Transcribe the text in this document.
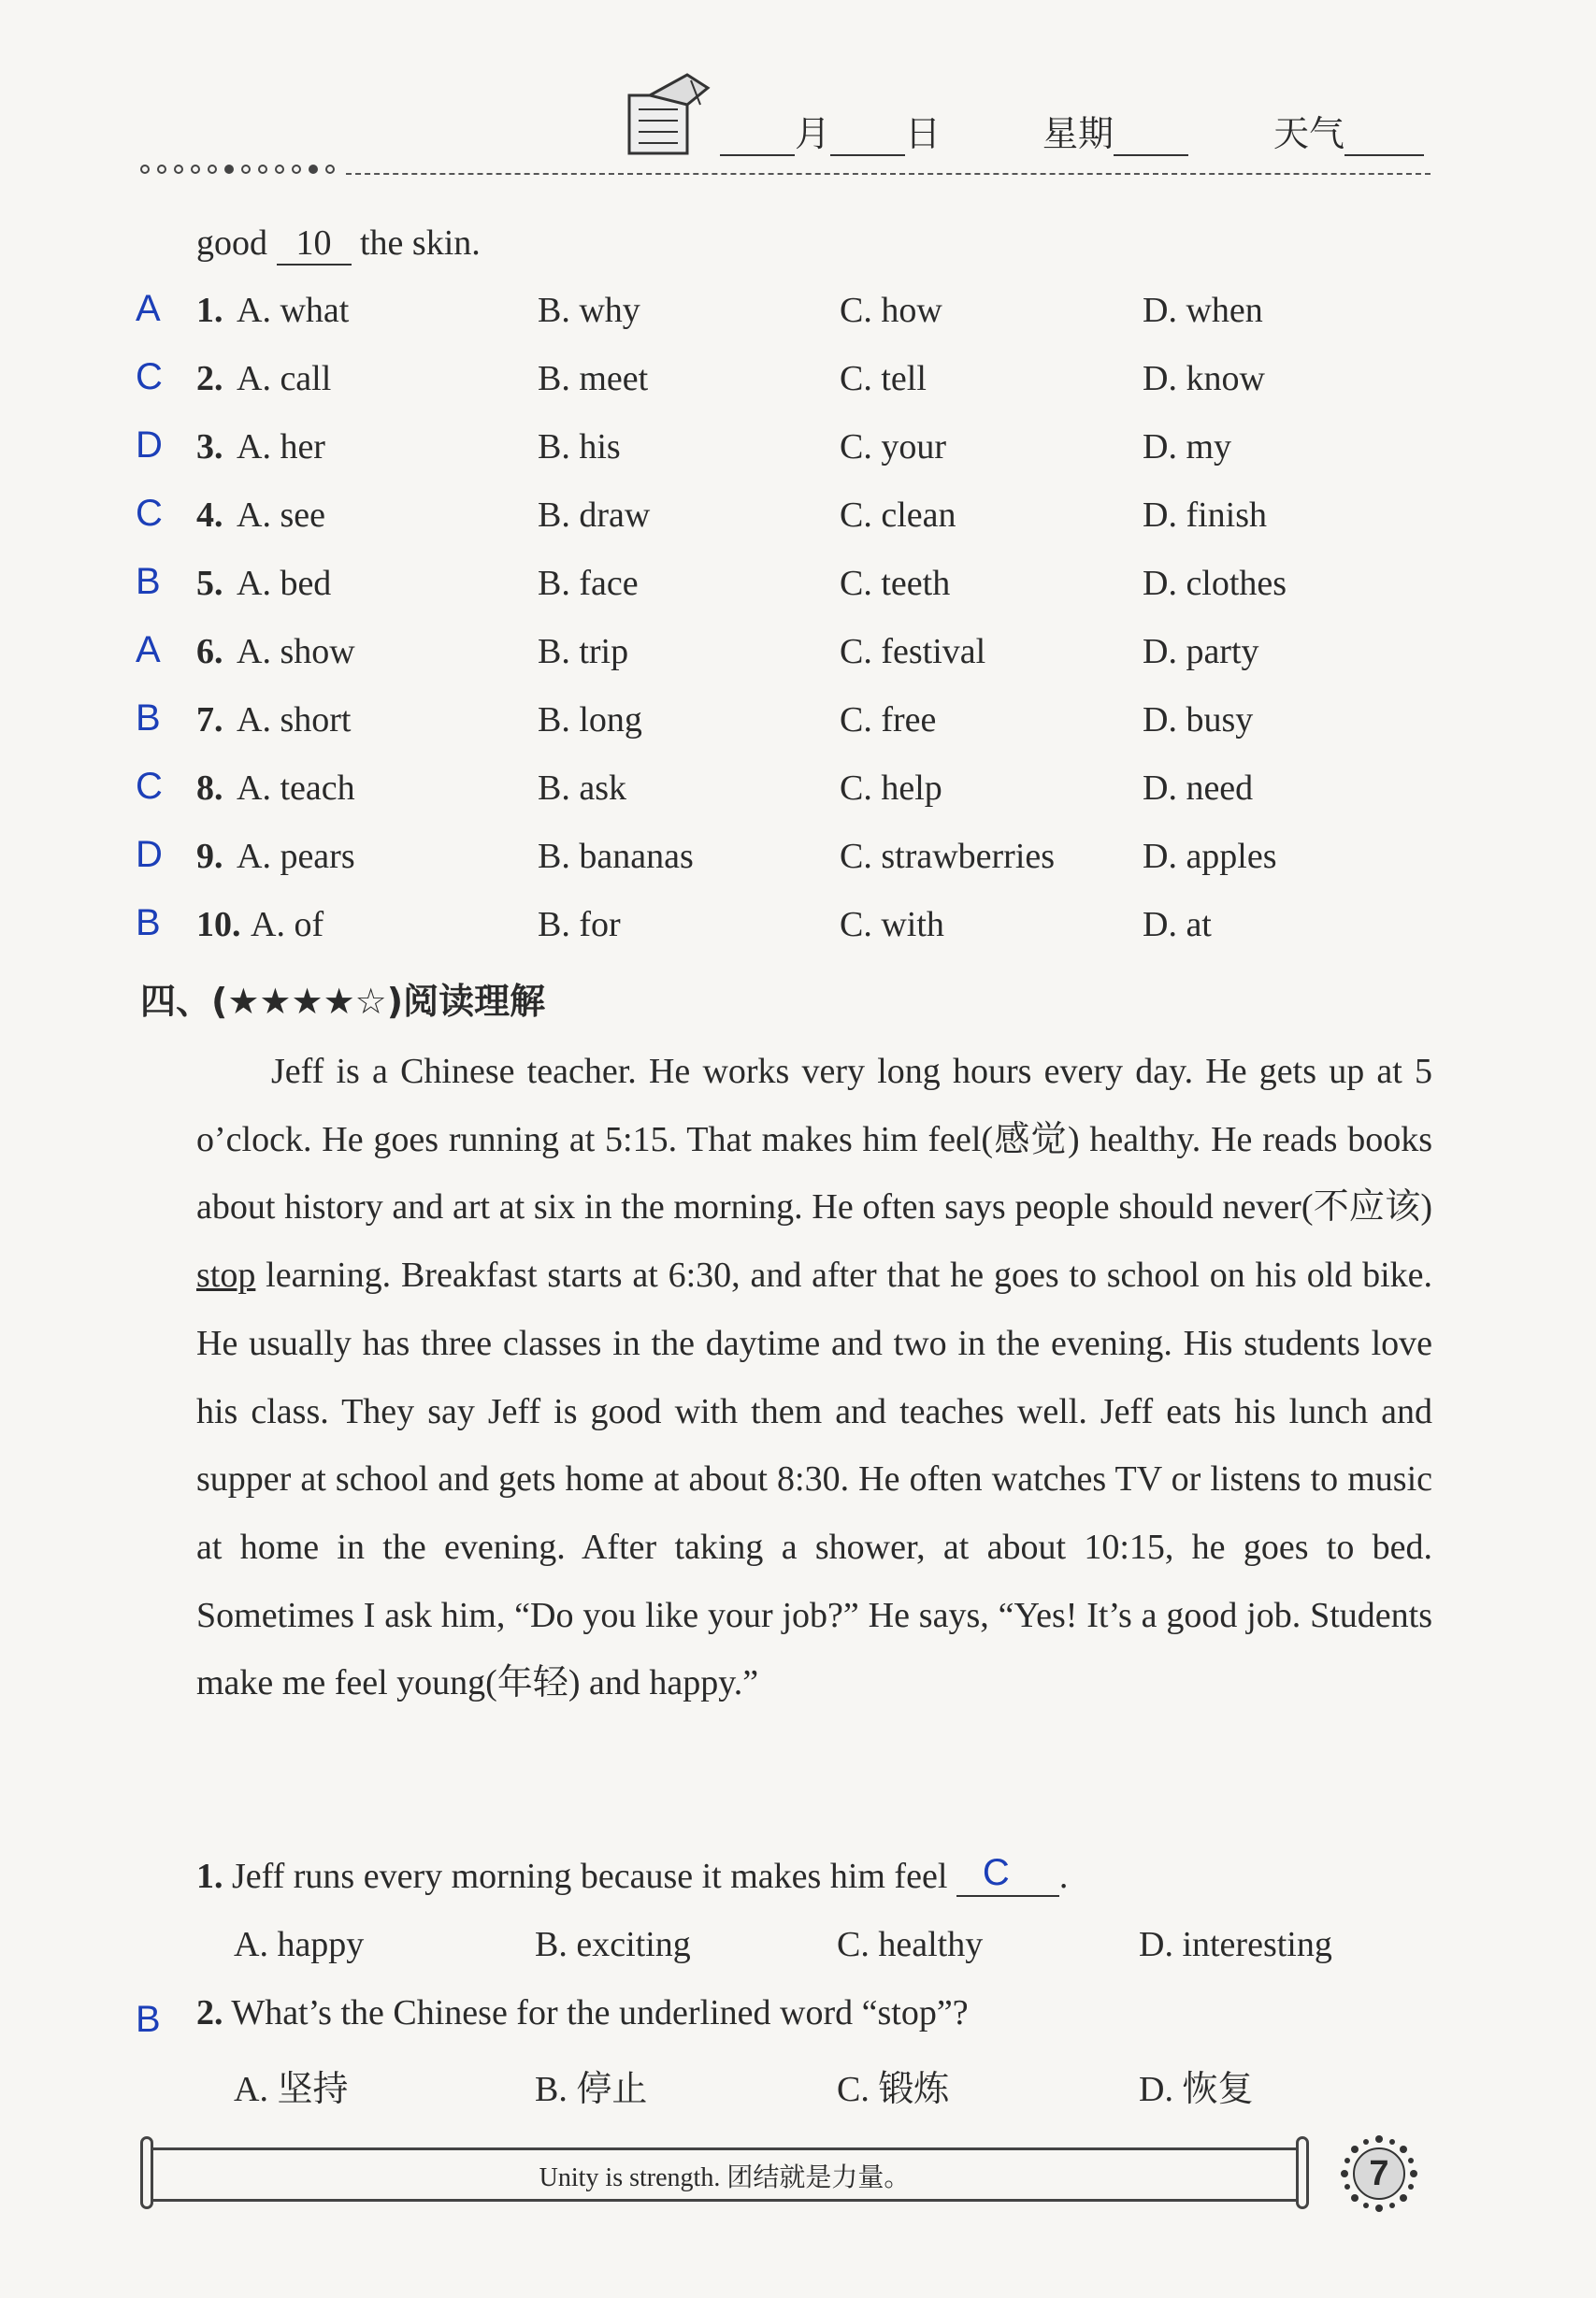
月 日	星期	天气
good 10 the skin.
A 1. A. what	B. why	C. how	D. when
C 2. A. call	B. meet	C. tell	D. know
D 3. A. her	B. his	C. your	D. my
C 4. A. see	B. draw	C. clean	D. finish
B 5. A. bed	B. face	C. teeth	D. clothes
A 6. A. show	B. trip	C. festival	D. party
B 7. A. short	B. long	C. free	D. busy
C 8. A. teach	B. ask	C. help	D. need
D 9. A. pears	B. bananas	C. strawberries D. apples
B 10. A. of	B. for	C. with	D. at
四、(★★★★☆)阅读理解

Jeff is a Chinese teacher. He works very long hours every day. He gets up at 5 o’clock. He goes running at 5:15. That makes him feel(感觉) healthy. He reads books about history and art at six in the morning. He often says people should never(不应该) stop learning. Breakfast starts at 6:30, and after that he goes to school on his old bike. He usually has three classes in the daytime and two in the evening. His students love his class. They say Jeff is good with them and teaches well. Jeff eats his lunch and supper at school and gets home at about 8:30. He often watches TV or listens to music at home in the evening. After taking a shower, at about 10:15, he goes to bed. Sometimes I ask him, “Do you like your job?” He says, “Yes! It’s a good job. Students make me feel young(年轻) and happy.”

1. Jeff runs every morning because it makes him feel C .
A. happy	B. exciting	C. healthy	D. interesting
B 2. What’s the Chinese for the underlined word “stop”?
A. 坚持	B. 停止	C. 锻炼	D. 恢复
Unity is strength. 团结就是力量。	7
